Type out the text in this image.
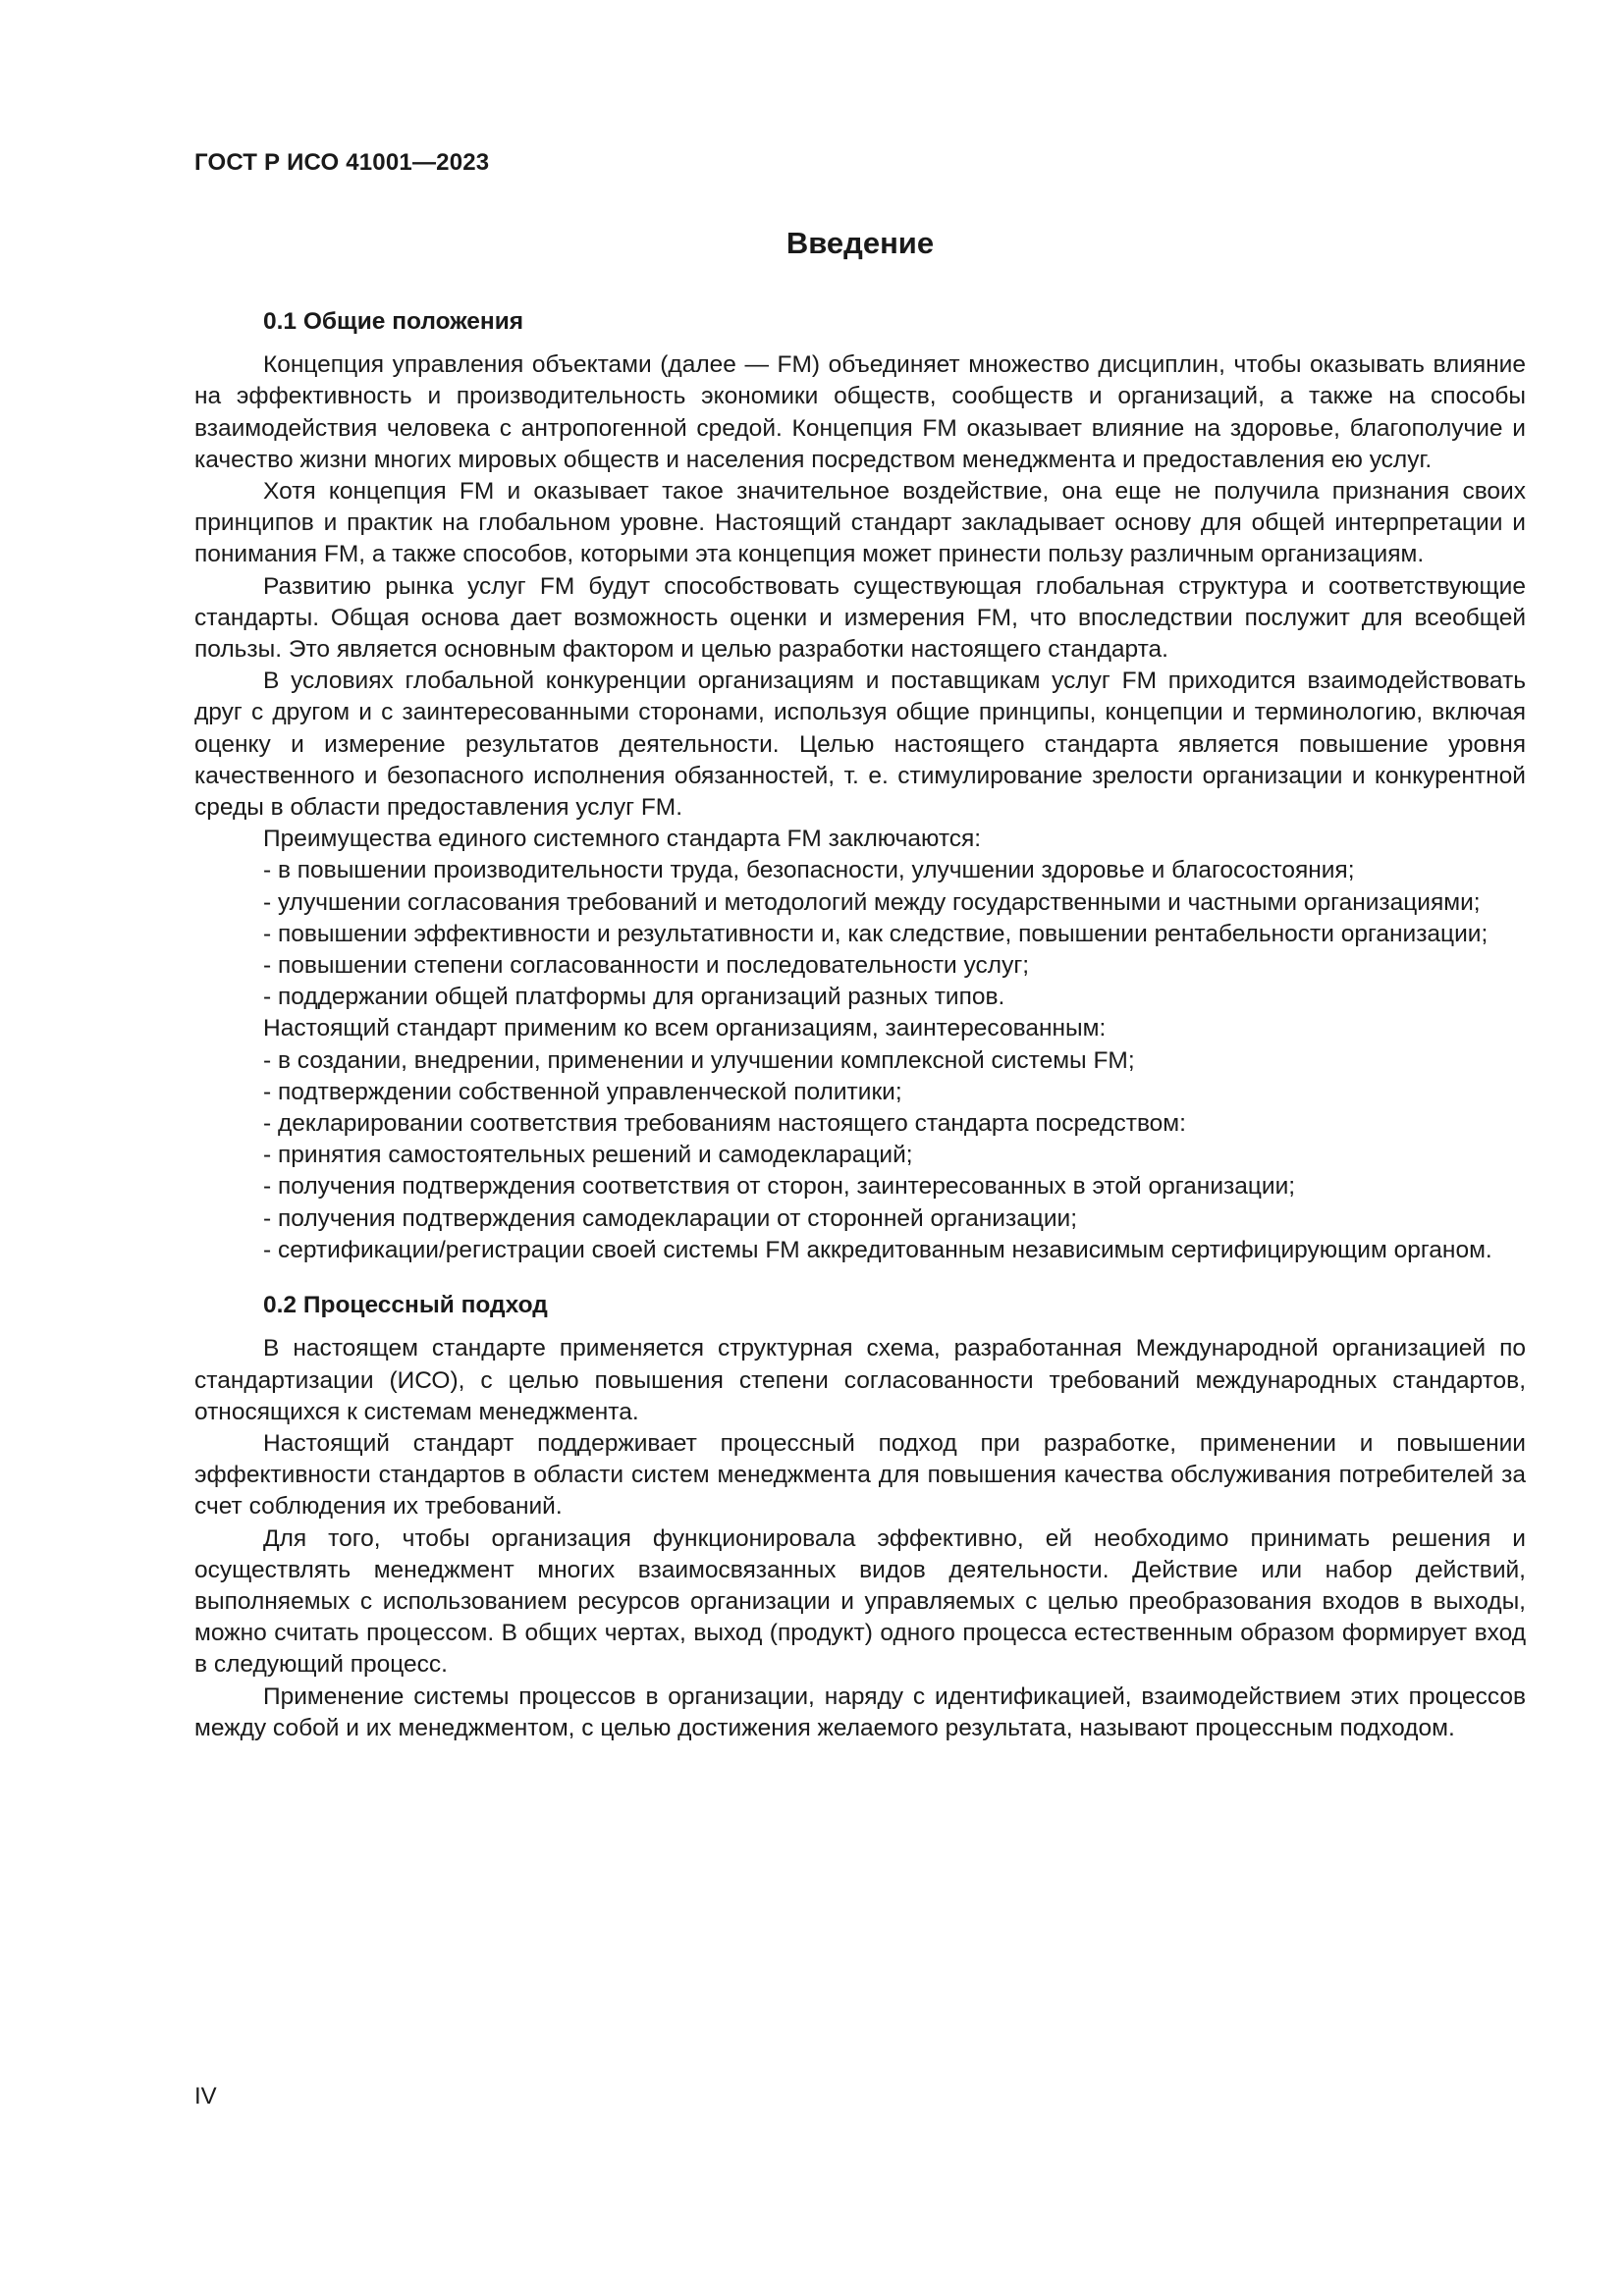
ГОСТ Р ИСО 41001—2023
Введение
0.1 Общие положения

Концепция управления объектами (далее — FM) объединяет множество дисциплин, чтобы оказывать влияние на эффективность и производительность экономики обществ, сообществ и организаций, а также на способы взаимодействия человека с антропогенной средой. Концепция FM оказывает влияние на здоровье, благополучие и качество жизни многих мировых обществ и населения посредством менеджмента и предоставления ею услуг.

Хотя концепция FM и оказывает такое значительное воздействие, она еще не получила признания своих принципов и практик на глобальном уровне. Настоящий стандарт закладывает основу для общей интерпретации и понимания FM, а также способов, которыми эта концепция может принести пользу различным организациям.

Развитию рынка услуг FM будут способствовать существующая глобальная структура и соответствующие стандарты. Общая основа дает возможность оценки и измерения FM, что впоследствии послужит для всеобщей пользы. Это является основным фактором и целью разработки настоящего стандарта.

В условиях глобальной конкуренции организациям и поставщикам услуг FM приходится взаимодействовать друг с другом и с заинтересованными сторонами, используя общие принципы, концепции и терминологию, включая оценку и измерение результатов деятельности. Целью настоящего стандарта является повышение уровня качественного и безопасного исполнения обязанностей, т. е. стимулирование зрелости организации и конкурентной среды в области предоставления услуг FM.

Преимущества единого системного стандарта FM заключаются:

- в повышении производительности труда, безопасности, улучшении здоровье и благосостояния;

- улучшении согласования требований и методологий между государственными и частными организациями;

- повышении эффективности и результативности и, как следствие, повышении рентабельности организации;

- повышении степени согласованности и последовательности услуг;

- поддержании общей платформы для организаций разных типов.

Настоящий стандарт применим ко всем организациям, заинтересованным:

- в создании, внедрении, применении и улучшении комплексной системы FM;

- подтверждении собственной управленческой политики;

- декларировании соответствия требованиям настоящего стандарта посредством:

- принятия самостоятельных решений и самодеклараций;

- получения подтверждения соответствия от сторон, заинтересованных в этой организации;

- получения подтверждения самодекларации от сторонней организации;

- сертификации/регистрации своей системы FM аккредитованным независимым сертифицирующим органом.

0.2 Процессный подход

В настоящем стандарте применяется структурная схема, разработанная Международной организацией по стандартизации (ИСО), с целью повышения степени согласованности требований международных стандартов, относящихся к системам менеджмента.

Настоящий стандарт поддерживает процессный подход при разработке, применении и повышении эффективности стандартов в области систем менеджмента для повышения качества обслуживания потребителей за счет соблюдения их требований.

Для того, чтобы организация функционировала эффективно, ей необходимо принимать решения и осуществлять менеджмент многих взаимосвязанных видов деятельности. Действие или набор действий, выполняемых с использованием ресурсов организации и управляемых с целью преобразования входов в выходы, можно считать процессом. В общих чертах, выход (продукт) одного процесса естественным образом формирует вход в следующий процесс.

Применение системы процессов в организации, наряду с идентификацией, взаимодействием этих процессов между собой и их менеджментом, с целью достижения желаемого результата, называют процессным подходом.

IV
